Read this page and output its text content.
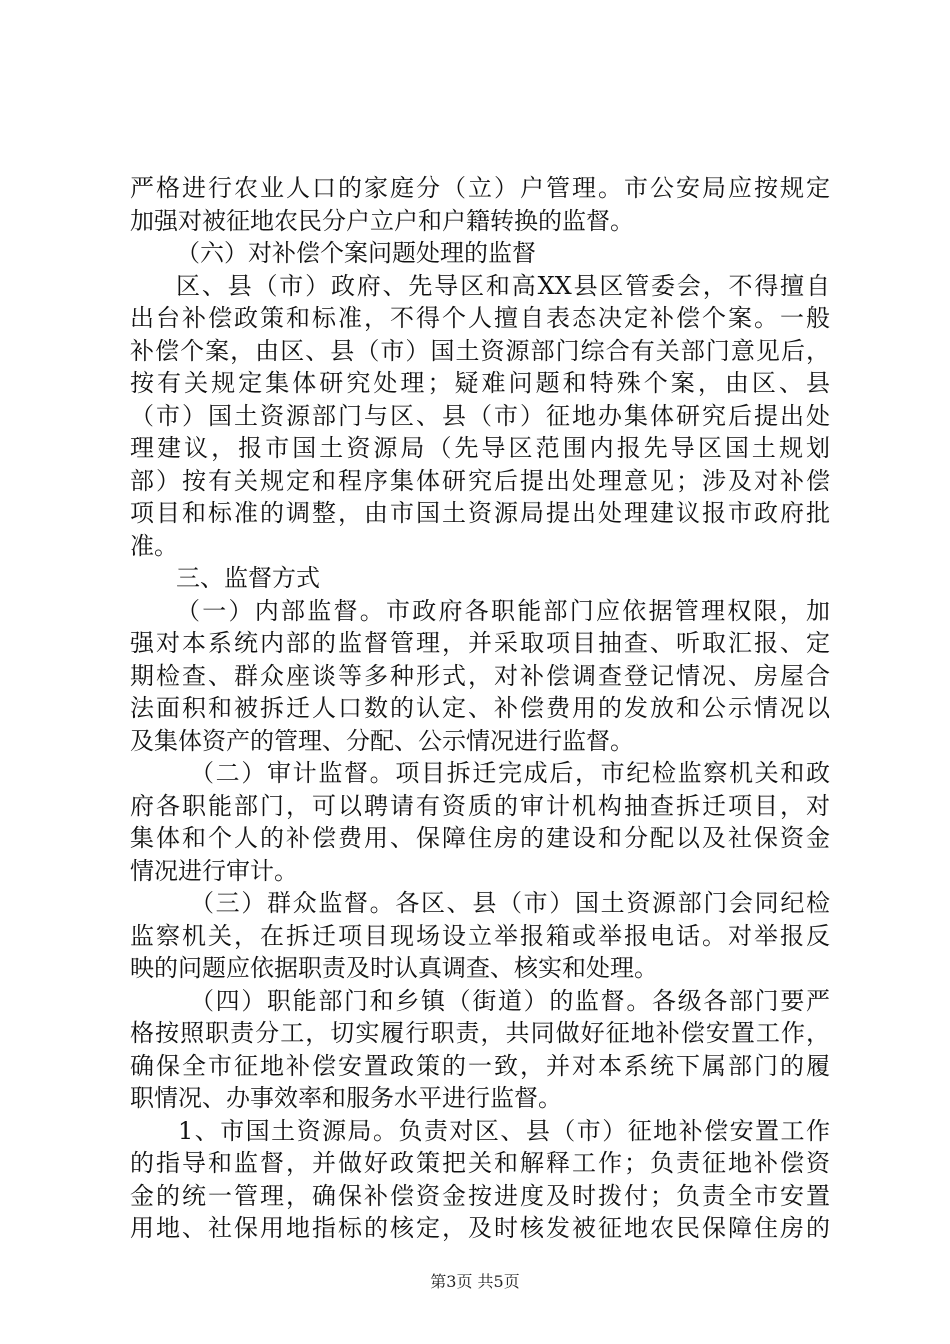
严格进行农业人口的家庭分（立）户管理。市公安局应按规定
加强对被征地农民分户立户和户籍转换的监督。
（六）对补偿个案问题处理的监督
区、县（市）政府、先导区和高XX县区管委会，不得擅自
出台补偿政策和标准，不得个人擅自表态决定补偿个案。一般
补偿个案，由区、县（市）国土资源部门综合有关部门意见后，
按有关规定集体研究处理；疑难问题和特殊个案，由区、县
（市）国土资源部门与区、县（市）征地办集体研究后提出处
理建议，报市国土资源局（先导区范围内报先导区国土规划
部）按有关规定和程序集体研究后提出处理意见；涉及对补偿
项目和标准的调整，由市国土资源局提出处理建议报市政府批
准。
三、监督方式
（一）内部监督。市政府各职能部门应依据管理权限，加
强对本系统内部的监督管理，并采取项目抽查、听取汇报、定
期检查、群众座谈等多种形式，对补偿调查登记情况、房屋合
法面积和被拆迁人口数的认定、补偿费用的发放和公示情况以
及集体资产的管理、分配、公示情况进行监督。
（二）审计监督。项目拆迁完成后，市纪检监察机关和政
府各职能部门，可以聘请有资质的审计机构抽查拆迁项目，对
集体和个人的补偿费用、保障住房的建设和分配以及社保资金
情况进行审计。
（三）群众监督。各区、县（市）国土资源部门会同纪检
监察机关，在拆迁项目现场设立举报箱或举报电话。对举报反
映的问题应依据职责及时认真调查、核实和处理。
（四）职能部门和乡镇（街道）的监督。各级各部门要严
格按照职责分工，切实履行职责，共同做好征地补偿安置工作，
确保全市征地补偿安置政策的一致，并对本系统下属部门的履
职情况、办事效率和服务水平进行监督。
1、市国土资源局。负责对区、县（市）征地补偿安置工作
的指导和监督，并做好政策把关和解释工作；负责征地补偿资
金的统一管理，确保补偿资金按进度及时拨付；负责全市安置
用地、社保用地指标的核定，及时核发被征地农民保障住房的
第3页 共5页
